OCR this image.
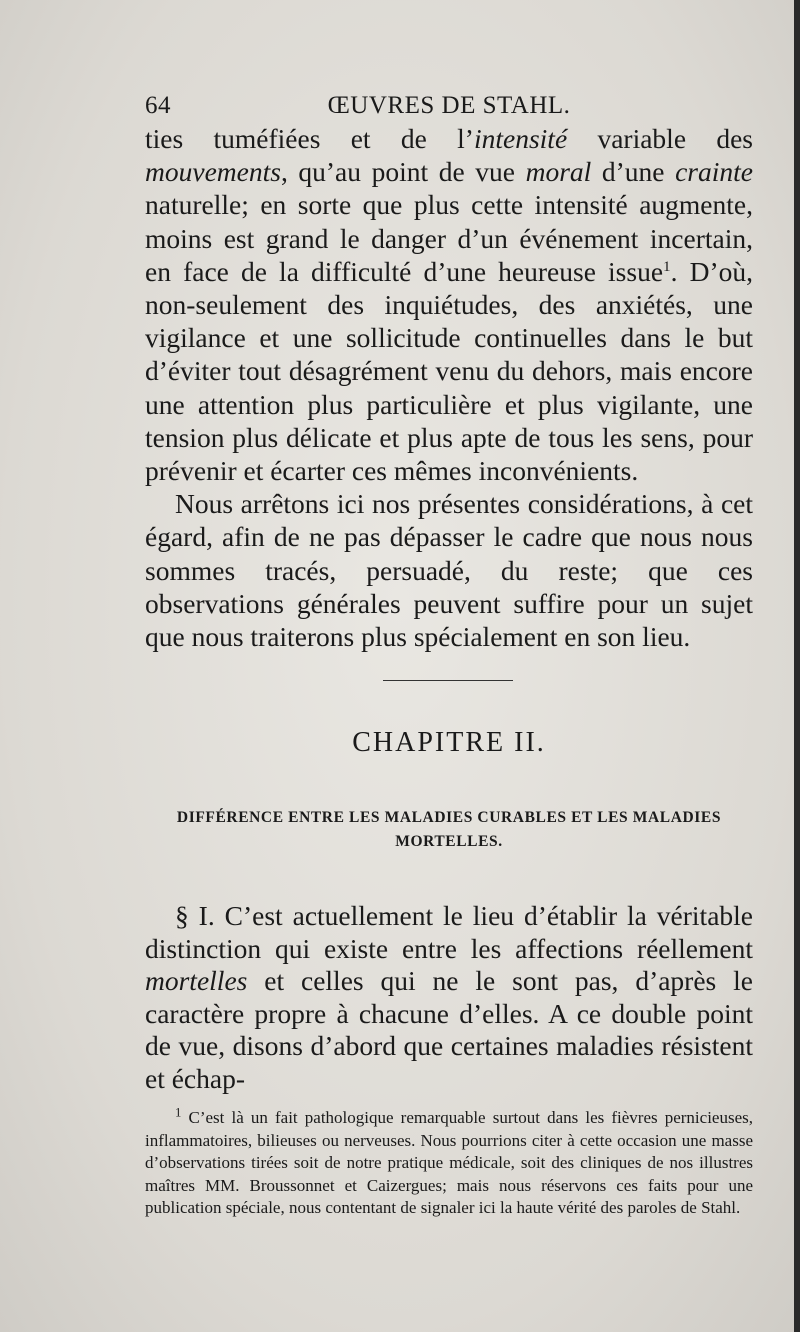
64	ŒUVRES DE STAHL.

ties tuméfiées et de l’intensité variable des mouvements, qu’au point de vue moral d’une crainte naturelle; en sorte que plus cette intensité augmente, moins est grand le danger d’un événement incertain, en face de la difficulté d’une heureuse issue$^1$. D’où, non-seulement des inquiétudes, des anxiétés, une vigilance et une sollicitude continuelles dans le but d’éviter tout désagrément venu du dehors, mais encore une attention plus particulière et plus vigilante, une tension plus délicate et plus apte de tous les sens, pour prévenir et écarter ces mêmes inconvénients.

Nous arrêtons ici nos présentes considérations, à cet égard, afin de ne pas dépasser le cadre que nous nous sommes tracés, persuadé, du reste; que ces observations générales peuvent suffire pour un sujet que nous traiterons plus spécialement en son lieu.

CHAPITRE II.
DIFFÉRENCE ENTRE LES MALADIES CURABLES ET LES MALADIES
MORTELLES.
§ I. C’est actuellement le lieu d’établir la véritable distinction qui existe entre les affections réellement mortelles et celles qui ne le sont pas, d’après le caractère propre à chacune d’elles. A ce double point de vue, disons d’abord que certaines maladies résistent et échap-
$^1$ C’est là un fait pathologique remarquable surtout dans les fièvres pernicieuses, inflammatoires, bilieuses ou nerveuses. Nous pourrions citer à cette occasion une masse d’observations tirées soit de notre pratique médicale, soit des cliniques de nos illustres maîtres MM. Broussonnet et Caizergues; mais nous réservons ces faits pour une publication spéciale, nous contentant de signaler ici la haute vérité des paroles de Stahl.
